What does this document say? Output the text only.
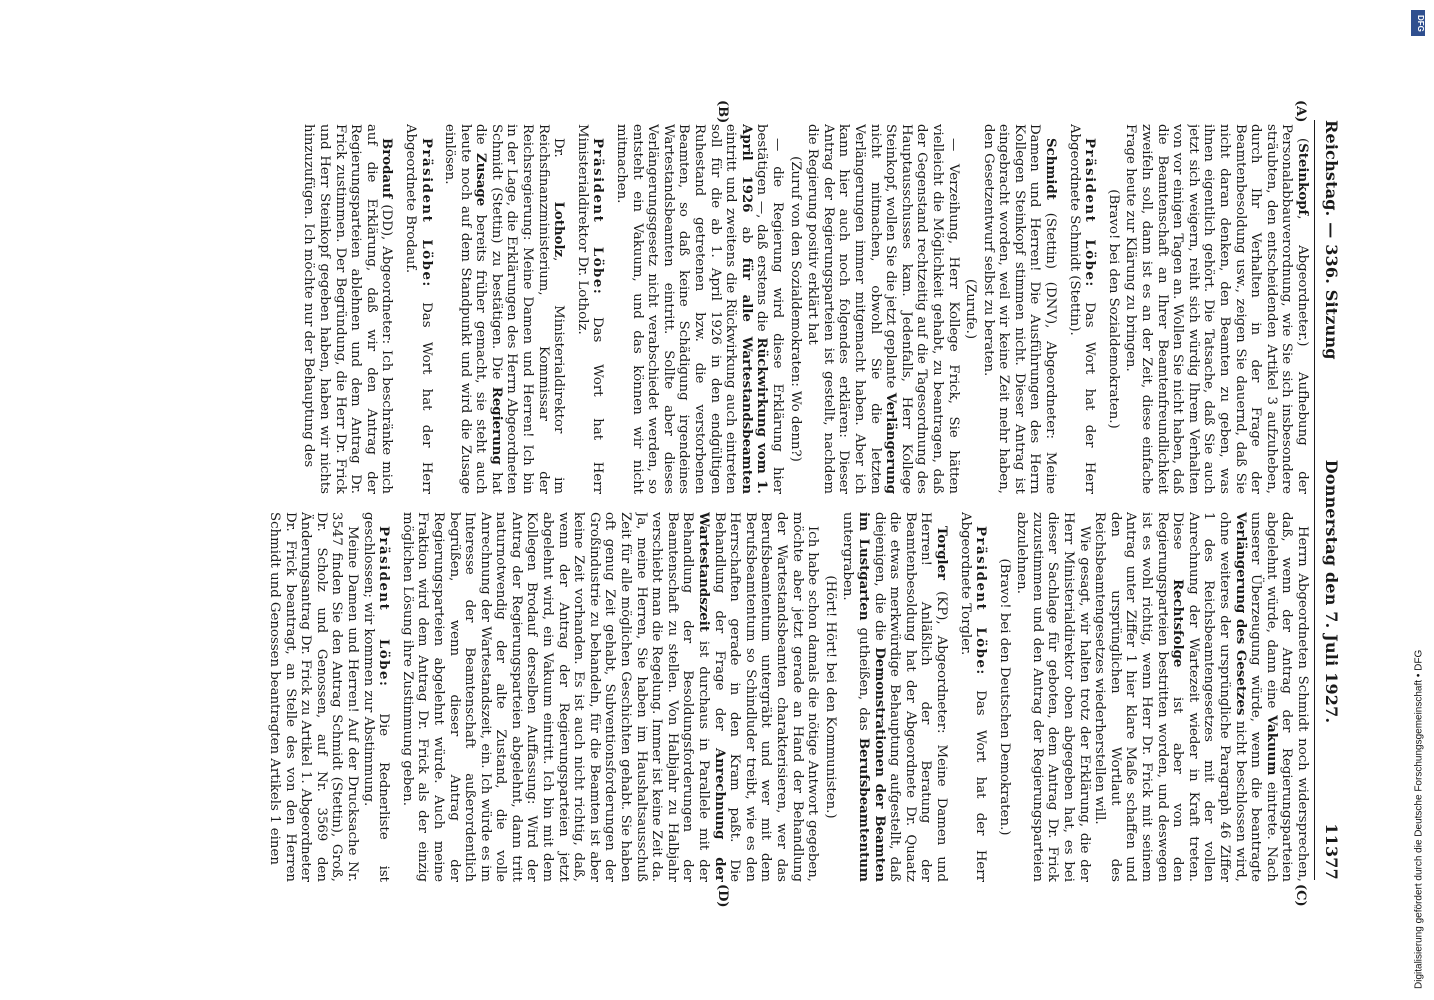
Reichstag. — 336. Sitzung
Donnerstag den 7. Juli 1927.
11377
(A)
(B)
(C)
(D)

(Steinkopf, Abgeordneter.) Aufhebung der Personalabbauverordnung, wie Sie sich insbesondere sträubten, den entscheidenden Artikel 3 aufzuheben, durch Ihr Verhalten in der Frage der Beamtenbesoldung usw., zeigen Sie dauernd, daß Sie nicht daran denken, den Beamten zu geben, was ihnen eigentlich gehört. Die Tatsache, daß Sie auch jetzt sich weigern, reiht sich würdig Ihrem Verhalten von vor einigen Tagen an. Wollen Sie nicht haben, daß die Beamtenschaft an Ihrer Beamtenfreundlichkeit zweifeln soll, dann ist es an der Zeit, diese einfache Frage heute zur Klärung zu bringen.

(Bravo! bei den Sozialdemokraten.)

Präsident Löbe: Das Wort hat der Herr Abgeordnete Schmidt (Stettin).

Schmidt (Stettin) (DNV), Abgeordneter: Meine Damen und Herren! Die Ausführungen des Herrn Kollegen Steinkopf stimmen nicht. Dieser Antrag ist eingebracht worden, weil wir keine Zeit mehr haben, den Gesetzentwurf selbst zu beraten.

(Zurufe.)

— Verzeihung, Herr Kollege Frick, Sie hätten vielleicht die Möglichkeit gehabt, zu beantragen, daß der Gegenstand rechtzeitig auf die Tagesordnung des Hauptausschusses kam. Jedenfalls, Herr Kollege Steinkopf, wollen Sie die jetzt geplante Verlängerung nicht mitmachen, obwohl Sie die letzten Verlängerungen immer mitgemacht haben. Aber ich kann hier auch noch folgendes erklären: Dieser Antrag der Regierungsparteien ist gestellt, nachdem die Regierung positiv erklärt hat

(Zuruf von den Sozialdemokraten: Wo denn?)

— die Regierung wird diese Erklärung hier bestätigen —, daß erstens die Rückwirkung vom 1. April 1926 ab für alle Wartestandsbeamten eintritt und zweitens die Rückwirkung auch eintreten soll für die ab 1. April 1926 in den endgültigen Ruhestand getretenen bzw. die verstorbenen Beamten, so daß keine Schädigung irgendeines Wartestandsbeamten eintritt. Sollte aber dieses Verlängerungsgesetz nicht verabschiedet werden, so entsteht ein Vakuum, und das können wir nicht mitmachen.

Präsident Löbe: Das Wort hat Herr Ministerialdirektor Dr. Lotholz.

Dr. Lotholz, Ministerialdirektor im Reichsfinanzministerium, Kommissar der Reichsregierung: Meine Damen und Herren! Ich bin in der Lage, die Erklärungen des Herrn Abgeordneten Schmidt (Stettin) zu bestätigen. Die Regierung hat die Zusage bereits früher gemacht, sie steht auch heute noch auf dem Standpunkt und wird die Zusage einlösen.

Präsident Löbe: Das Wort hat der Herr Abgeordnete Brodauf.

Brodauf (DD), Abgeordneter: Ich beschränke mich auf die Erklärung, daß wir den Antrag der Regierungsparteien ablehnen und dem Antrag Dr. Frick zustimmen. Der Begründung, die Herr Dr. Frick und Herr Steinkopf gegeben haben, haben wir nichts hinzuzufügen. Ich möchte nur der Behauptung des

Herrn Abgeordneten Schmidt noch widersprechen, daß, wenn der Antrag der Regierungsparteien abgelehnt würde, dann eine Vakuum eintrete. Nach unserer Überzeugung würde, wenn die beantragte Verlängerung des Gesetzes nicht beschlossen wird, ohne weiteres der ursprüngliche Paragraph 46 Ziffer 1 des Reichsbeamtengesetzes mit der vollen Anrechnung der Wartezeit wieder in Kraft treten. Diese Rechtsfolge ist aber von den Regierungsparteien bestritten worden, und deswegen ist es wohl richtig, wenn Herr Dr. Frick mit seinem Antrag unter Ziffer 1 hier klare Maße schaffen und den ursprünglichen Wortlaut des Reichsbeamtengesetzes wiederherstellen will.

Wie gesagt, wir halten trotz der Erklärung, die der Herr Ministerialdirektor oben abgegeben hat, es bei dieser Sachlage für geboten, dem Antrag Dr. Frick zuzustimmen und den Antrag der Regierungsparteien abzulehnen.

(Bravo! bei den Deutschen Demokraten.)

Präsident Löbe: Das Wort hat der Herr Abgeordnete Torgler.

Torgler (KP), Abgeordneter: Meine Damen und Herren! Anläßlich der Beratung der Beamtenbesoldung hat der Abgeordnete Dr. Quaatz die etwas merkwürdige Behauptung aufgestellt, daß diejenigen, die die Demonstrationen der Beamten im Lustgarten gutheißen, das Berufsbeamtentum untergraben.

(Hört! Hört! bei den Kommunisten.)

Ich habe schon damals die nötige Antwort gegeben, möchte aber jetzt gerade an Hand der Behandlung der Wartestandsbeamten charakterisieren, wer das Berufsbeamtentum untergräbt und wer mit dem Berufsbeamtentum so Schindluder treibt, wie es den Herrschaften gerade in den Kram paßt. Die Behandlung der Frage der Anrechnung der Wartestandszeit ist durchaus in Parallele mit der Behandlung der Besoldungsforderungen der Beamtenschaft zu stellen. Von Halbjahr zu Halbjahr verschiebt man die Regelung. Immer ist keine Zeit da. Ja, meine Herren, Sie haben im Haushaltsausschuß Zeit für alle möglichen Geschichten gehabt. Sie haben oft genug Zeit gehabt, Subventionsforderungen der Großindustrie zu behandeln, für die Beamten ist aber keine Zeit vorhanden. Es ist auch nicht richtig, daß, wenn der Antrag der Regierungsparteien jetzt abgelehnt wird, ein Vakuum eintritt. Ich bin mit dem Kollegen Brodauf derselben Auffassung: Wird der Antrag der Regierungsparteien abgelehnt, dann tritt naturnotwendig der alte Zustand, die volle Anrechnung der Wartestandszeit, ein. Ich würde es im Interesse der Beamtenschaft außerordentlich begrüßen, wenn dieser Antrag der Regierungsparteien abgelehnt würde. Auch meine Fraktion wird dem Antrag Dr. Frick als der einzig möglichen Lösung ihre Zustimmung geben.

Präsident Löbe: Die Rednerliste ist geschlossen; wir kommen zur Abstimmung.

Meine Damen und Herren! Auf der Drucksache Nr. 3547 finden Sie den Antrag Schmidt (Stettin), Groß, Dr. Scholz und Genossen, auf Nr. 3569 den Änderungsantrag Dr. Frick zu Artikel 1. Abgeordneter Dr. Frick beantragt, an Stelle des von den Herren Schmidt und Genossen beantragten Artikels 1 einen

DFG
Digitalisierung gefördert durch die Deutsche Forschungsgemeinschaft • DFG
